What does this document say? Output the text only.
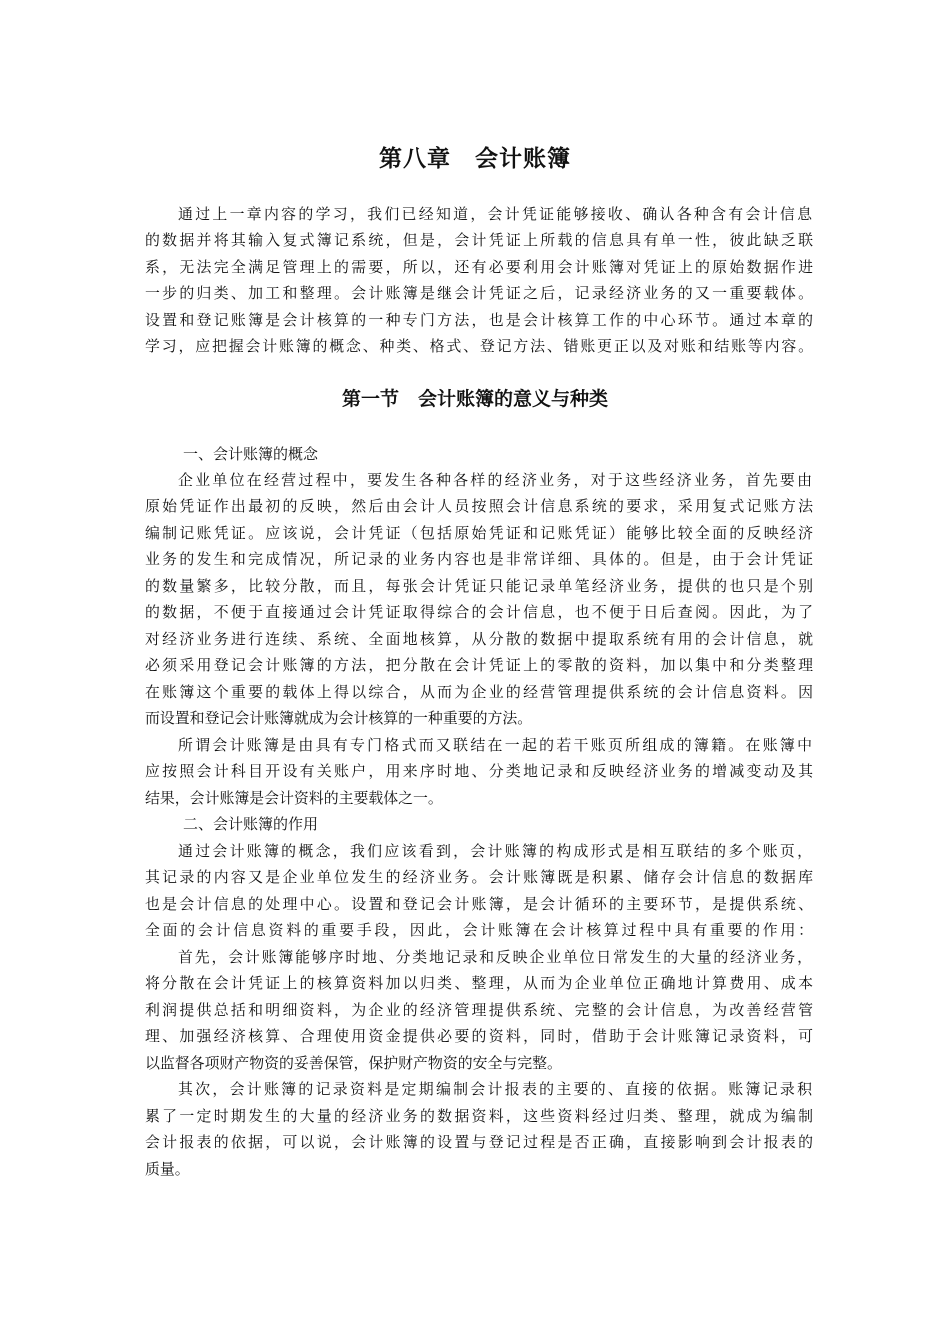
第八章　会计账簿
通过上一章内容的学习，我们已经知道，会计凭证能够接收、确认各种含有会计信息
的数据并将其输入复式簿记系统，但是，会计凭证上所载的信息具有单一性，彼此缺乏联
系，无法完全满足管理上的需要，所以，还有必要利用会计账簿对凭证上的原始数据作进
一步的归类、加工和整理。会计账簿是继会计凭证之后，记录经济业务的又一重要载体。
设置和登记账簿是会计核算的一种专门方法，也是会计核算工作的中心环节。通过本章的
学习，应把握会计账簿的概念、种类、格式、登记方法、错账更正以及对账和结账等内容。
第一节　会计账簿的意义与种类
一、会计账簿的概念
企业单位在经营过程中，要发生各种各样的经济业务，对于这些经济业务，首先要由
原始凭证作出最初的反映，然后由会计人员按照会计信息系统的要求，采用复式记账方法
编制记账凭证。应该说，会计凭证（包括原始凭证和记账凭证）能够比较全面的反映经济
业务的发生和完成情况，所记录的业务内容也是非常详细、具体的。但是，由于会计凭证
的数量繁多，比较分散，而且，每张会计凭证只能记录单笔经济业务，提供的也只是个别
的数据，不便于直接通过会计凭证取得综合的会计信息，也不便于日后查阅。因此，为了
对经济业务进行连续、系统、全面地核算，从分散的数据中提取系统有用的会计信息，就
必须采用登记会计账簿的方法，把分散在会计凭证上的零散的资料，加以集中和分类整理
在账簿这个重要的载体上得以综合，从而为企业的经营管理提供系统的会计信息资料。因
而设置和登记会计账簿就成为会计核算的一种重要的方法。
所谓会计账簿是由具有专门格式而又联结在一起的若干账页所组成的簿籍。在账簿中
应按照会计科目开设有关账户，用来序时地、分类地记录和反映经济业务的增减变动及其
结果，会计账簿是会计资料的主要载体之一。
二、会计账簿的作用
通过会计账簿的概念，我们应该看到，会计账簿的构成形式是相互联结的多个账页，
其记录的内容又是企业单位发生的经济业务。会计账簿既是积累、储存会计信息的数据库
也是会计信息的处理中心。设置和登记会计账簿，是会计循环的主要环节，是提供系统、
全面的会计信息资料的重要手段，因此，会计账簿在会计核算过程中具有重要的作用：
首先，会计账簿能够序时地、分类地记录和反映企业单位日常发生的大量的经济业务，
将分散在会计凭证上的核算资料加以归类、整理，从而为企业单位正确地计算费用、成本
利润提供总括和明细资料，为企业的经济管理提供系统、完整的会计信息，为改善经营管
理、加强经济核算、合理使用资金提供必要的资料，同时，借助于会计账簿记录资料，可
以监督各项财产物资的妥善保管，保护财产物资的安全与完整。
其次，会计账簿的记录资料是定期编制会计报表的主要的、直接的依据。账簿记录积
累了一定时期发生的大量的经济业务的数据资料，这些资料经过归类、整理，就成为编制
会计报表的依据，可以说，会计账簿的设置与登记过程是否正确，直接影响到会计报表的
质量。
